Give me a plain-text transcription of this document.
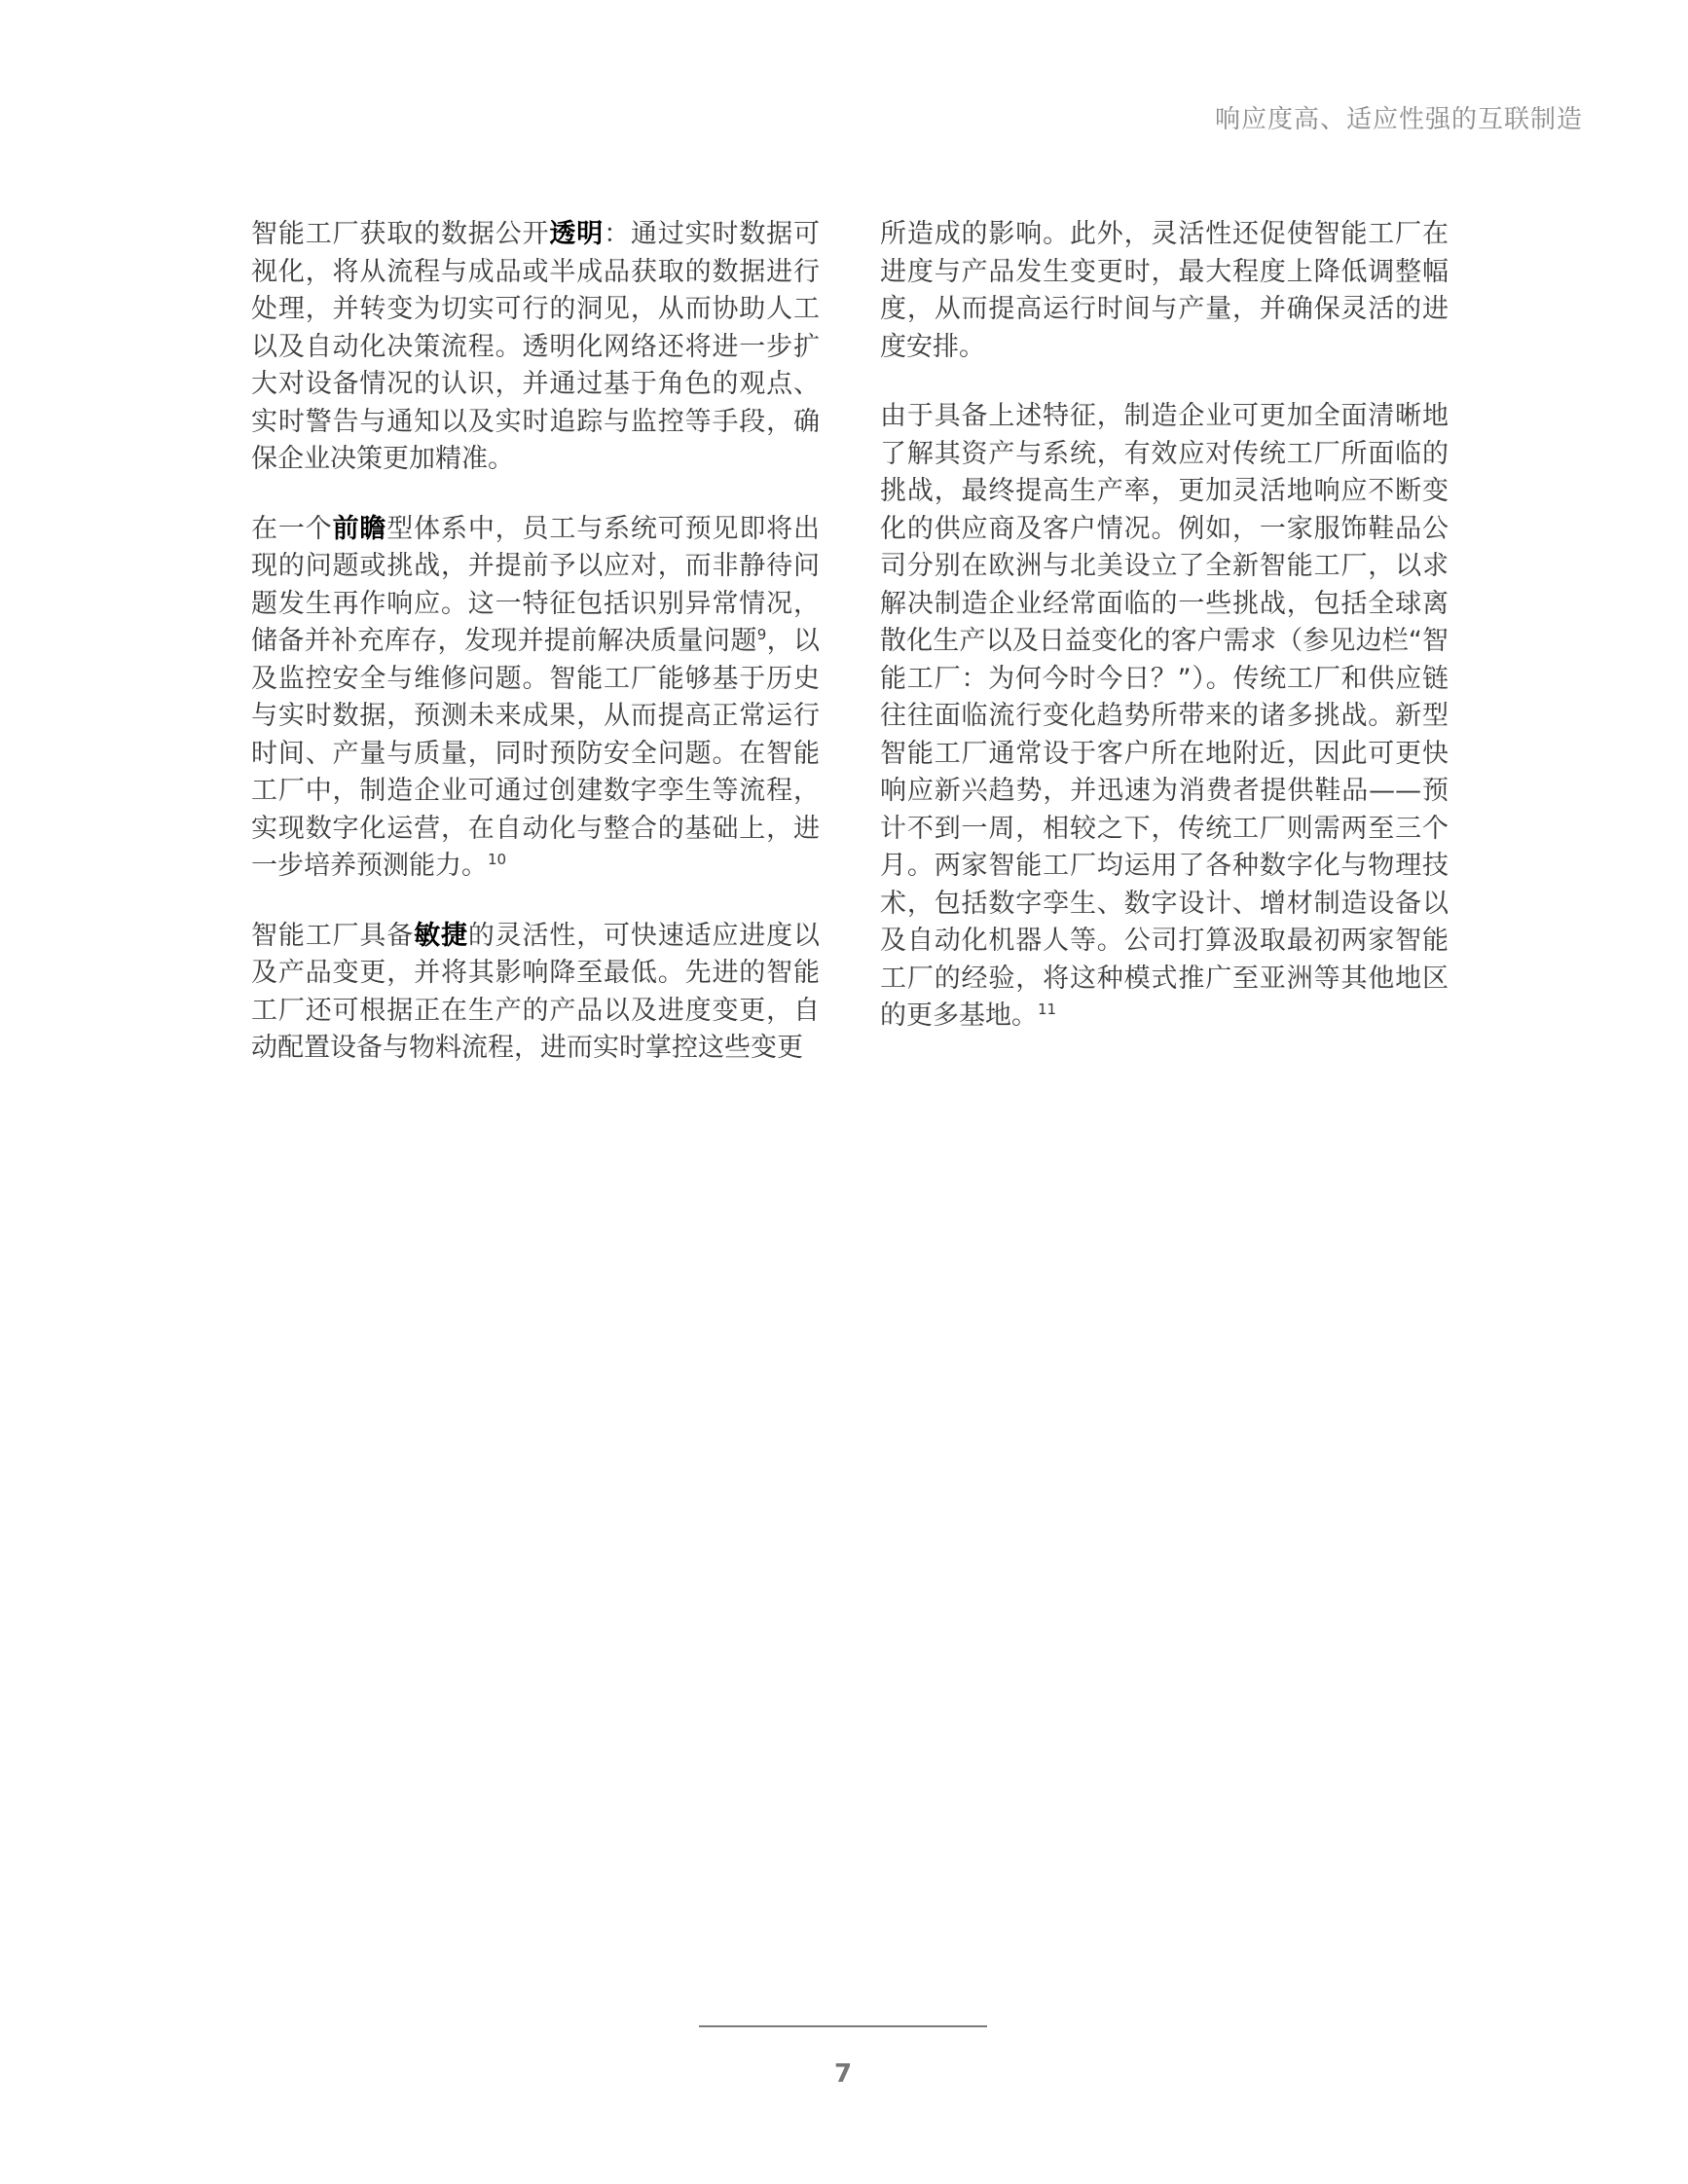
响应度高、适应性强的互联制造

智能工厂获取的数据公开透明：通过实时数据可视化，将从流程与成品或半成品获取的数据进行处理，并转变为切实可行的洞见，从而协助人工以及自动化决策流程。透明化网络还将进一步扩大对设备情况的认识，并通过基于角色的观点、实时警告与通知以及实时追踪与监控等手段，确保企业决策更加精准。

在一个前瞻型体系中，员工与系统可预见即将出现的问题或挑战，并提前予以应对，而非静待问题发生再作响应。这一特征包括识别异常情况，储备并补充库存，发现并提前解决质量问题$^9$，以及监控安全与维修问题。智能工厂能够基于历史与实时数据，预测未来成果，从而提高正常运行时间、产量与质量，同时预防安全问题。在智能工厂中，制造企业可通过创建数字孪生等流程，实现数字化运营，在自动化与整合的基础上，进一步培养预测能力。$^{10}$

智能工厂具备敏捷的灵活性，可快速适应进度以及产品变更，并将其影响降至最低。先进的智能工厂还可根据正在生产的产品以及进度变更，自动配置设备与物料流程，进而实时掌控这些变更

所造成的影响。此外，灵活性还促使智能工厂在进度与产品发生变更时，最大程度上降低调整幅度，从而提高运行时间与产量，并确保灵活的进度安排。

由于具备上述特征，制造企业可更加全面清晰地了解其资产与系统，有效应对传统工厂所面临的挑战，最终提高生产率，更加灵活地响应不断变化的供应商及客户情况。例如，一家服饰鞋品公司分别在欧洲与北美设立了全新智能工厂，以求解决制造企业经常面临的一些挑战，包括全球离散化生产以及日益变化的客户需求（参见边栏“智能工厂：为何今时今日？”）。传统工厂和供应链往往面临流行变化趋势所带来的诸多挑战。新型智能工厂通常设于客户所在地附近，因此可更快响应新兴趋势，并迅速为消费者提供鞋品——预计不到一周，相较之下，传统工厂则需两至三个月。两家智能工厂均运用了各种数字化与物理技术，包括数字孪生、数字设计、增材制造设备以及自动化机器人等。公司打算汲取最初两家智能工厂的经验，将这种模式推广至亚洲等其他地区的更多基地。$^{11}$

7
